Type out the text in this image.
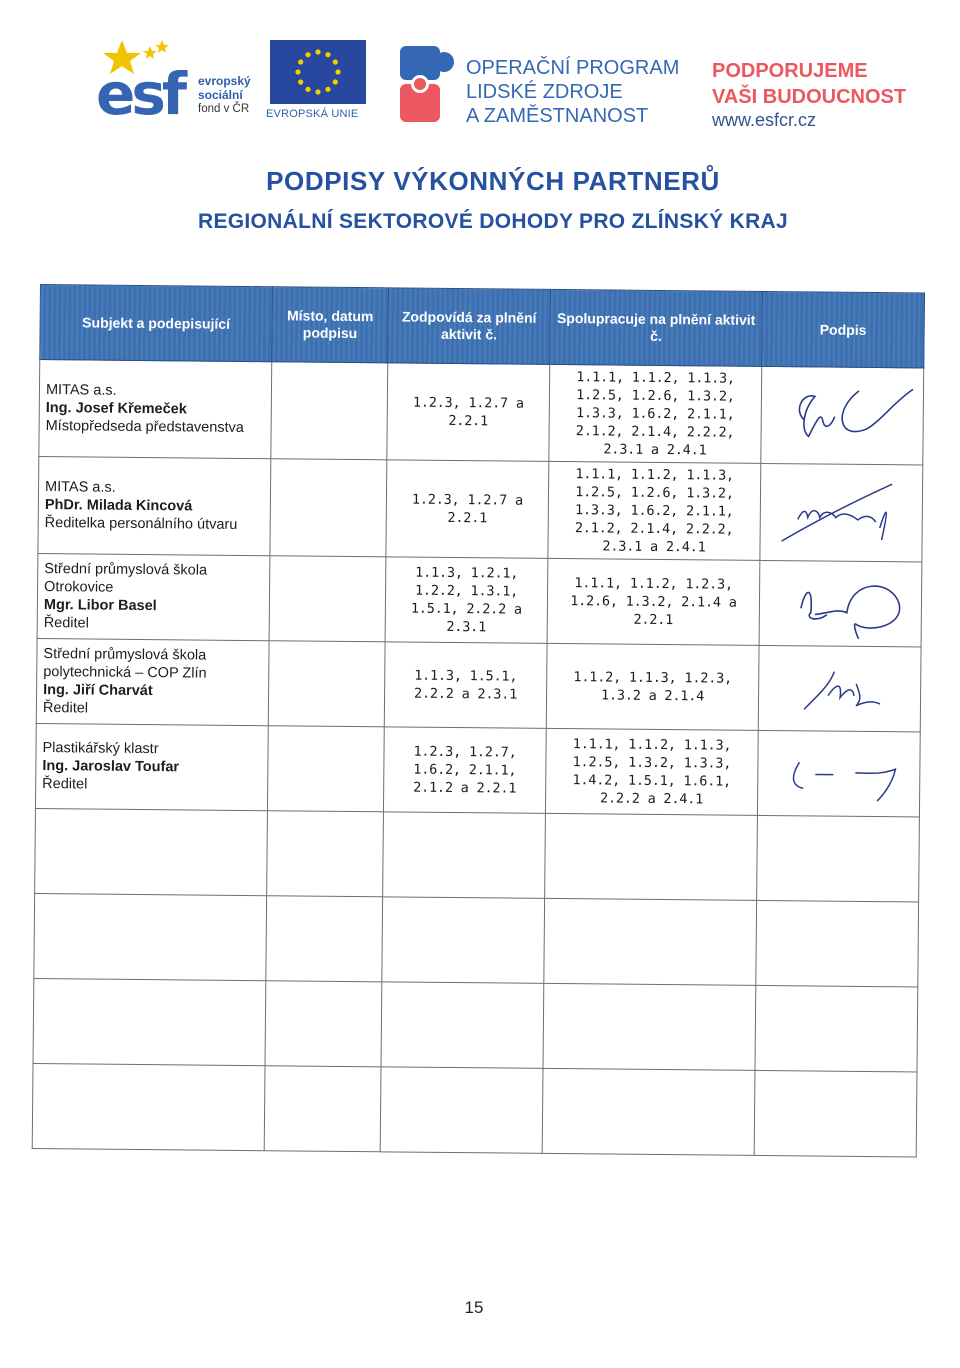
esf	evropský
sociální
fond v ČR EVROPSKÁ UNIE
OPERAČNÍ PROGRAM
LIDSKÉ ZDROJE
A ZAMĚSTNANOST
PODPORUJEME
VAŠI BUDOUCNOST
www.esfcr.cz
PODPISY VÝKONNÝCH PARTNERŮ
REGIONÁLNÍ SEKTOROVÉ DOHODY PRO ZLÍNSKÝ KRAJ
Subjekt a podepisující	Místo, datum podpisu	Zodpovídá za plnění aktivit č.	Spolupracuje na plnění aktivit č.	Podpis

MITAS a.s.
Ing. Josef Křemeček
Místopředseda představenstva		1.2.3, 1.2.7 a 2.2.1	1.1.1, 1.1.2, 1.1.3, 1.2.5, 1.2.6, 1.3.2, 1.3.3, 1.6.2, 2.1.1, 2.1.2, 2.1.4, 2.2.2, 2.3.1 a 2.4.1	

MITAS a.s.
PhDr. Milada Kincová
Ředitelka personálního útvaru		1.2.3, 1.2.7 a 2.2.1	1.1.1, 1.1.2, 1.1.3, 1.2.5, 1.2.6, 1.3.2, 1.3.3, 1.6.2, 2.1.1, 2.1.2, 2.1.4, 2.2.2, 2.3.1 a 2.4.1	

Střední průmyslová škola
Otrokovice
Mgr. Libor Basel
Ředitel		1.1.3, 1.2.1, 1.2.2, 1.3.1, 1.5.1, 2.2.2 a 2.3.1	1.1.1, 1.1.2, 1.2.3, 1.2.6, 1.3.2, 2.1.4 a 2.2.1	

Střední průmyslová škola
polytechnická – COP Zlín
Ing. Jiří Charvát
Ředitel		1.1.3, 1.5.1, 2.2.2 a 2.3.1	1.1.2, 1.1.3, 1.2.3, 1.3.2 a 2.1.4	

Plastikářský klastr
Ing. Jaroslav Toufar
Ředitel		1.2.3, 1.2.7, 1.6.2, 2.1.1, 2.1.2 a 2.2.1	1.1.1, 1.1.2, 1.1.3, 1.2.5, 1.3.2, 1.3.3, 1.4.2, 1.5.1, 1.6.1, 2.2.2 a 2.4.1	

15
